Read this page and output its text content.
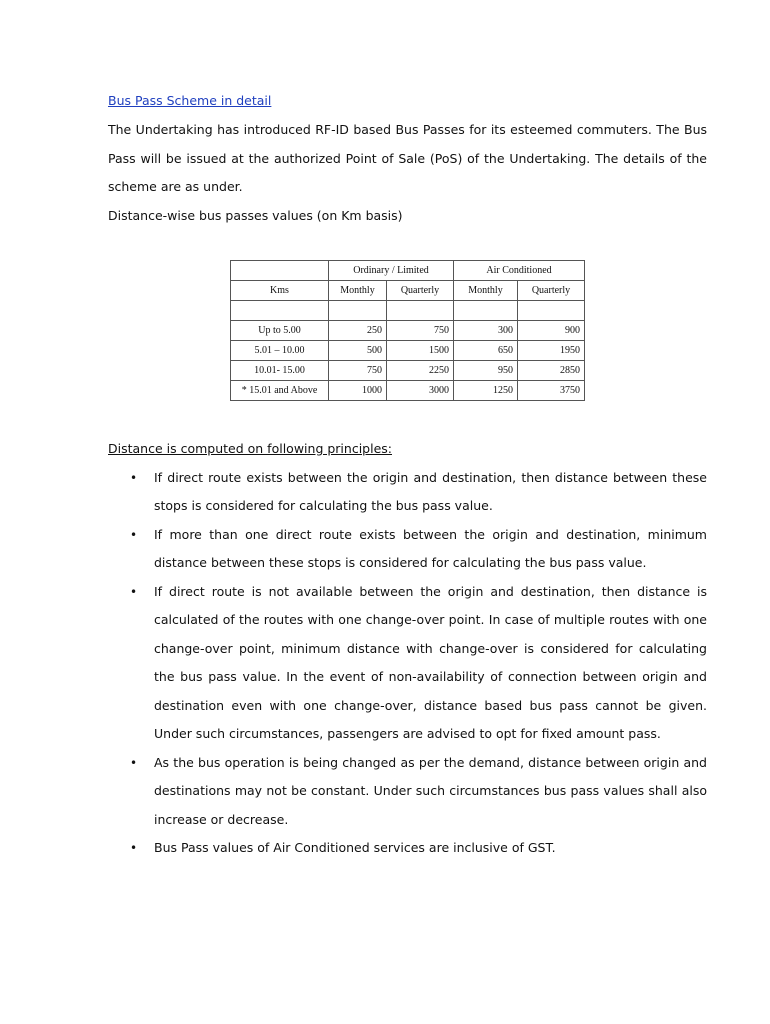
Bus Pass Scheme in detail

The Undertaking has introduced RF-ID based Bus Passes for its esteemed commuters. The Bus Pass will be issued at the authorized Point of Sale (PoS) of the Undertaking. The details of the scheme are as under.

Distance-wise bus passes values (on Km basis)

	Ordinary / Limited		Air Conditioned	
Kms	Monthly	Quarterly	Monthly	Quarterly

Up to 5.00	250	750	300	900
5.01 – 10.00	500	1500	650	1950
10.01- 15.00	750	2250	950	2850
* 15.01 and Above	1000	3000	1250	3750

Distance is computed on following principles:

• If direct route exists between the origin and destination, then distance between these stops is considered for calculating the bus pass value.
• If more than one direct route exists between the origin and destination, minimum distance between these stops is considered for calculating the bus pass value.
• If direct route is not available between the origin and destination, then distance is calculated of the routes with one change-over point. In case of multiple routes with one change-over point, minimum distance with change-over is considered for calculating the bus pass value. In the event of non-availability of connection between origin and destination even with one change-over, distance based bus pass cannot be given. Under such circumstances, passengers are advised to opt for fixed amount pass.
• As the bus operation is being changed as per the demand, distance between origin and destinations may not be constant. Under such circumstances bus pass values shall also increase or decrease.
• Bus Pass values of Air Conditioned services are inclusive of GST.
